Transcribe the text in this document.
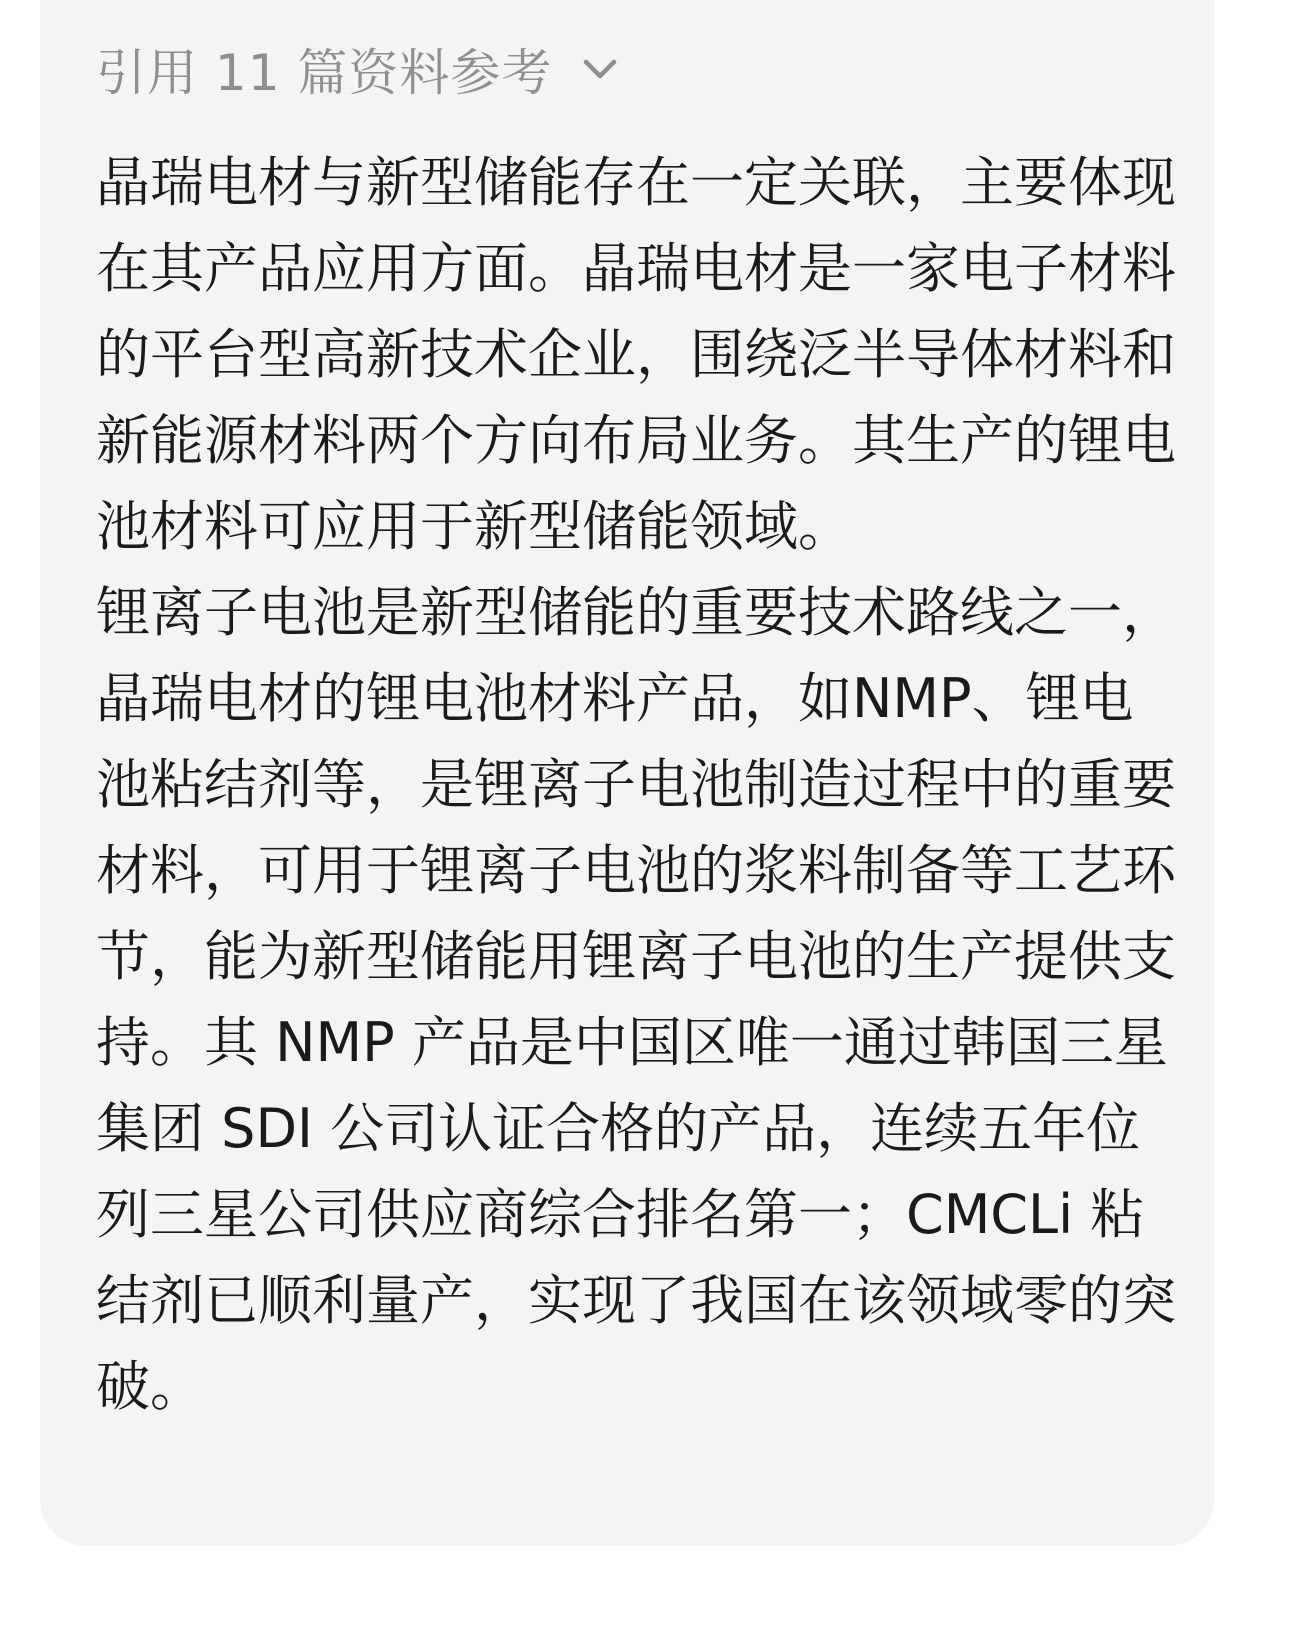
引用 11 篇资料参考

晶瑞电材与新型储能存在一定关联，主要体现在其产品应用方面。晶瑞电材是一家电子材料的平台型高新技术企业，围绕泛半导体材料和新能源材料两个方向布局业务。其生产的锂电池材料可应用于新型储能领域。

锂离子电池是新型储能的重要技术路线之一，晶瑞电材的锂电池材料产品，如NMP、锂电池粘结剂等，是锂离子电池制造过程中的重要材料，可用于锂离子电池的浆料制备等工艺环节，能为新型储能用锂离子电池的生产提供支持。其 NMP 产品是中国区唯一通过韩国三星集团 SDI 公司认证合格的产品，连续五年位列三星公司供应商综合排名第一；CMCLi 粘结剂已顺利量产，实现了我国在该领域零的突破。
